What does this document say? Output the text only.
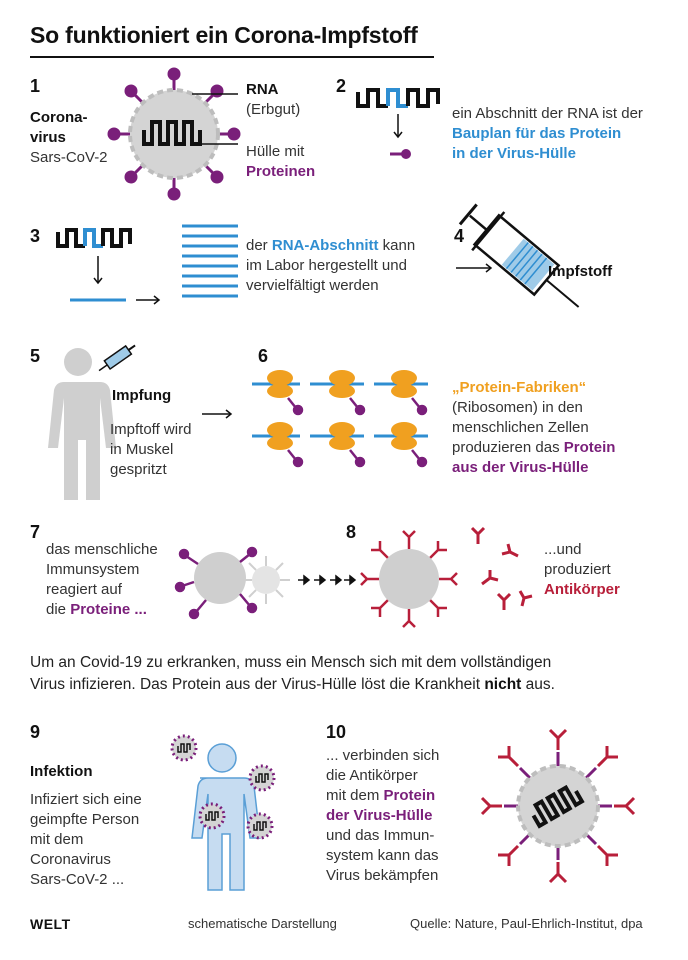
So funktioniert ein Corona-Impfstoff
1
Corona-
virus
Sars-CoV-2
RNA
(Erbgut)
Hülle mit
Proteinen
2
ein Abschnitt der RNA ist der
Bauplan für das Protein
in der Virus-Hülle
3	der RNA-Abschnitt kann
im Labor hergestellt und
vervielfältigt werden
4
Impfstoff
5
Impfung
Impftoff wird
in Muskel
gespritzt
6
„Protein-Fabriken“
(Ribosomen) in den
menschlichen Zellen
produzieren das Protein
aus der Virus-Hülle
7
das menschliche
Immunsystem
reagiert auf
die Proteine ...
8
...und
produziert
Antikörper
Um an Covid-19 zu erkranken, muss ein Mensch sich mit dem vollständigen
Virus infizieren. Das Protein aus der Virus-Hülle löst die Krankheit nicht aus.
9
Infektion
Infiziert sich eine
geimpfte Person
mit dem
Coronavirus
Sars-CoV-2 ...
10
... verbinden sich
die Antikörper
mit dem Protein
der Virus-Hülle
und das Immun-
system kann das
Virus bekämpfen
WELT	schematische Darstellung	Quelle: Nature, Paul-Ehrlich-Institut, dpa
